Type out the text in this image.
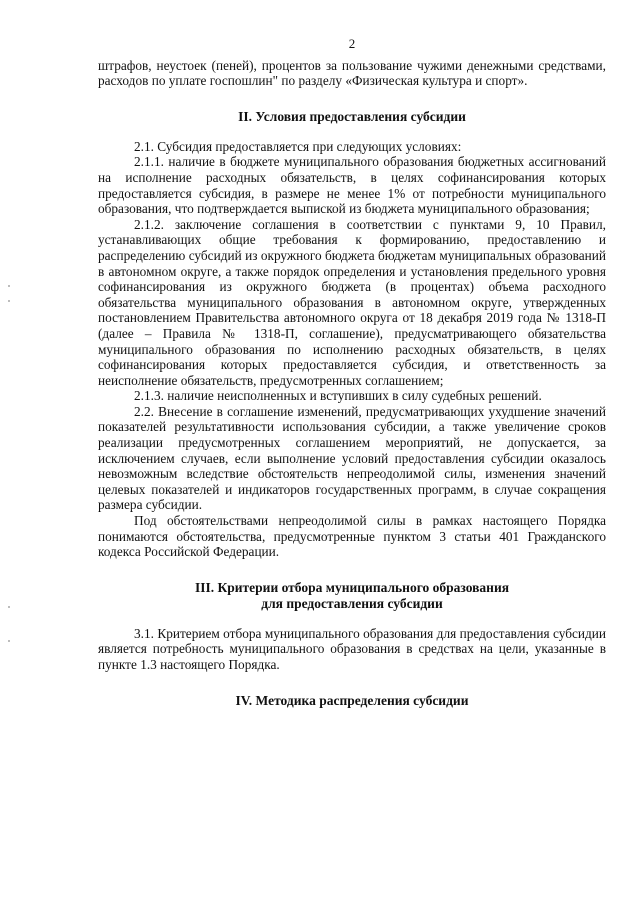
2

штрафов, неустоек (пеней), процентов за пользование чужими денежными средствами, расходов по уплате госпошлин" по разделу «Физическая культура и спорт».

II. Условия предоставления субсидии

2.1. Субсидия предоставляется при следующих условиях:

2.1.1. наличие в бюджете муниципального образования бюджетных ассигнований на исполнение расходных обязательств, в целях софинансирования которых предоставляется субсидия, в размере не менее 1% от потребности муниципального образования, что подтверждается выпиской из бюджета муниципального образования;

2.1.2. заключение соглашения в соответствии с пунктами 9, 10 Правил, устанавливающих общие требования к формированию, предоставлению и распределению субсидий из окружного бюджета бюджетам муниципальных образований в автономном округе, а также порядок определения и установления предельного уровня софинансирования из окружного бюджета (в процентах) объема расходного обязательства муниципального образования в автономном округе, утвержденных постановлением Правительства автономного округа от 18 декабря 2019 года № 1318-П (далее – Правила № 1318-П, соглашение), предусматривающего обязательства муниципального образования по исполнению расходных обязательств, в целях софинансирования которых предоставляется субсидия, и ответственность за неисполнение обязательств, предусмотренных соглашением;

2.1.3. наличие неисполненных и вступивших в силу судебных решений.

2.2. Внесение в соглашение изменений, предусматривающих ухудшение значений показателей результативности использования субсидии, а также увеличение сроков реализации предусмотренных соглашением мероприятий, не допускается, за исключением случаев, если выполнение условий предоставления субсидии оказалось невозможным вследствие обстоятельств непреодолимой силы, изменения значений целевых показателей и индикаторов государственных программ, в случае сокращения размера субсидии.

Под обстоятельствами непреодолимой силы в рамках настоящего Порядка понимаются обстоятельства, предусмотренные пунктом 3 статьи 401 Гражданского кодекса Российской Федерации.

III. Критерии отбора муниципального образования
для предоставления субсидии

3.1. Критерием отбора муниципального образования для предоставления субсидии является потребность муниципального образования в средствах на цели, указанные в пункте 1.3 настоящего Порядка.

IV. Методика распределения субсидии
